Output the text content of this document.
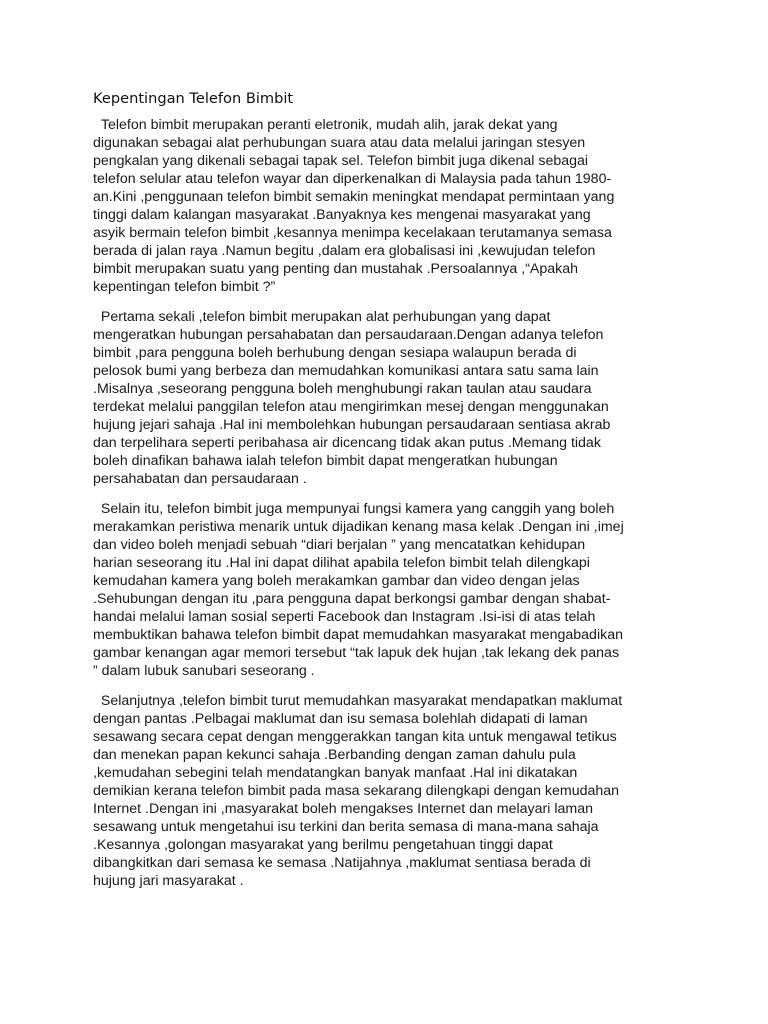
Kepentingan Telefon Bimbit

Telefon bimbit merupakan peranti eletronik, mudah alih, jarak dekat yang
digunakan sebagai alat perhubungan suara atau data melalui jaringan stesyen
pengkalan yang dikenali sebagai tapak sel. Telefon bimbit juga dikenal sebagai
telefon selular atau telefon wayar dan diperkenalkan di Malaysia pada tahun 1980-
an.Kini ,penggunaan telefon bimbit semakin meningkat mendapat permintaan yang
tinggi dalam kalangan masyarakat .Banyaknya kes mengenai masyarakat yang
asyik bermain telefon bimbit ,kesannya menimpa kecelakaan terutamanya semasa
berada di jalan raya .Namun begitu ,dalam era globalisasi ini ,kewujudan telefon
bimbit merupakan suatu yang penting dan mustahak .Persoalannya ,“Apakah
kepentingan telefon bimbit ?”

Pertama sekali ,telefon bimbit merupakan alat perhubungan yang dapat
mengeratkan hubungan persahabatan dan persaudaraan.Dengan adanya telefon
bimbit ,para pengguna boleh berhubung dengan sesiapa walaupun berada di
pelosok bumi yang berbeza dan memudahkan komunikasi antara satu sama lain
.Misalnya ,seseorang pengguna boleh menghubungi rakan taulan atau saudara
terdekat melalui panggilan telefon atau mengirimkan mesej dengan menggunakan
hujung jejari sahaja .Hal ini membolehkan hubungan persaudaraan sentiasa akrab
dan terpelihara seperti peribahasa air dicencang tidak akan putus .Memang tidak
boleh dinafikan bahawa ialah telefon bimbit dapat mengeratkan hubungan
persahabatan dan persaudaraan .

Selain itu, telefon bimbit juga mempunyai fungsi kamera yang canggih yang boleh
merakamkan peristiwa menarik untuk dijadikan kenang masa kelak .Dengan ini ,imej
dan video boleh menjadi sebuah “diari berjalan ” yang mencatatkan kehidupan
harian seseorang itu .Hal ini dapat dilihat apabila telefon bimbit telah dilengkapi
kemudahan kamera yang boleh merakamkan gambar dan video dengan jelas
.Sehubungan dengan itu ,para pengguna dapat berkongsi gambar dengan shabat-
handai melalui laman sosial seperti Facebook dan Instagram .Isi-isi di atas telah
membuktikan bahawa telefon bimbit dapat memudahkan masyarakat mengabadikan
gambar kenangan agar memori tersebut “tak lapuk dek hujan ,tak lekang dek panas
” dalam lubuk sanubari seseorang .

Selanjutnya ,telefon bimbit turut memudahkan masyarakat mendapatkan maklumat
dengan pantas .Pelbagai maklumat dan isu semasa bolehlah didapati di laman
sesawang secara cepat dengan menggerakkan tangan kita untuk mengawal tetikus
dan menekan papan kekunci sahaja .Berbanding dengan zaman dahulu pula
,kemudahan sebegini telah mendatangkan banyak manfaat .Hal ini dikatakan
demikian kerana telefon bimbit pada masa sekarang dilengkapi dengan kemudahan
Internet .Dengan ini ,masyarakat boleh mengakses Internet dan melayari laman
sesawang untuk mengetahui isu terkini dan berita semasa di mana-mana sahaja
.Kesannya ,golongan masyarakat yang berilmu pengetahuan tinggi dapat
dibangkitkan dari semasa ke semasa .Natijahnya ,maklumat sentiasa berada di
hujung jari masyarakat .
